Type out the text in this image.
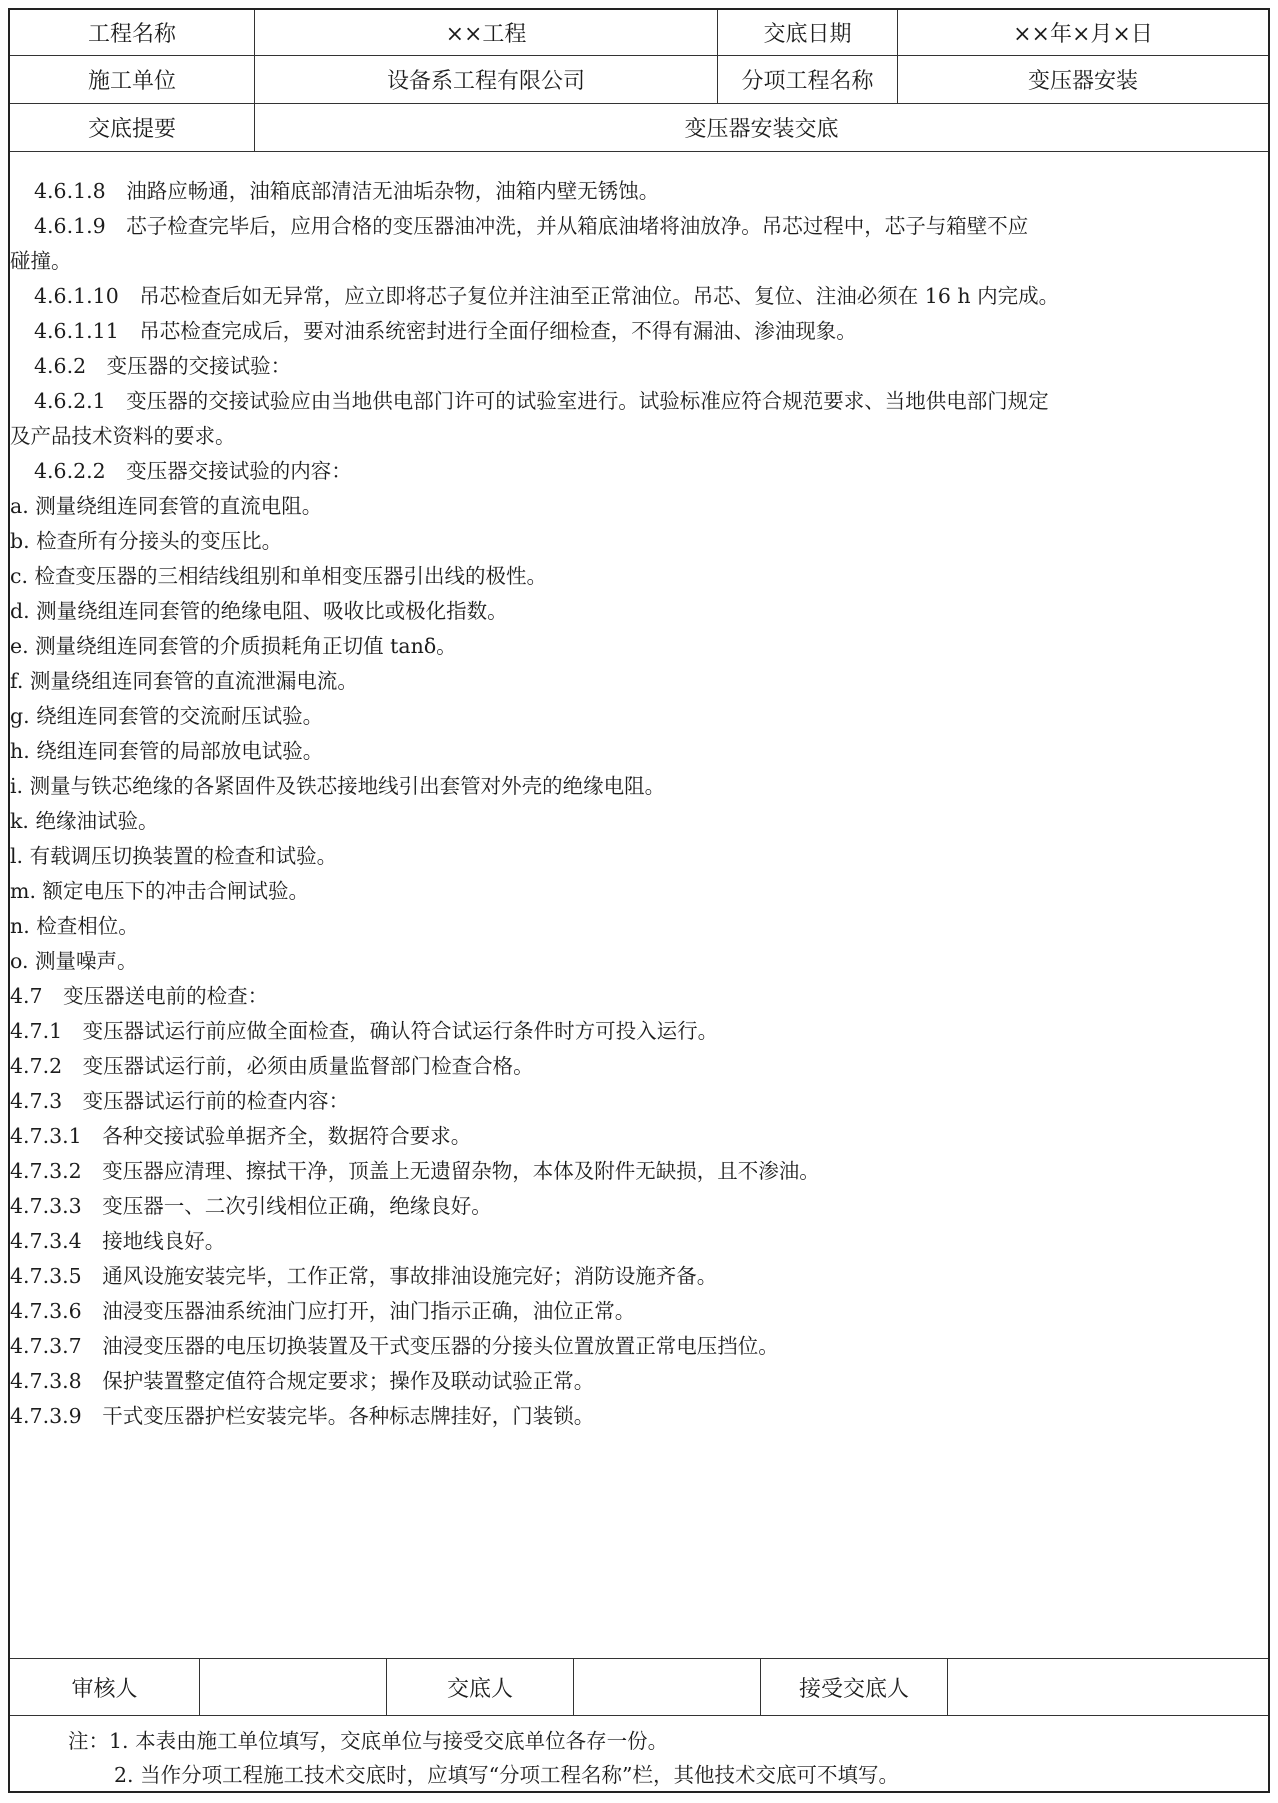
工程名称	××工程	交底日期	××年×月×日
施工单位	设备系工程有限公司	分项工程名称	变压器安装
交底提要	变压器安装交底
4.6.1.8　油路应畅通，油箱底部清洁无油垢杂物，油箱内壁无锈蚀。
4.6.1.9　芯子检查完毕后，应用合格的变压器油冲洗，并从箱底油堵将油放净。吊芯过程中，芯子与箱壁不应
碰撞。
4.6.1.10　吊芯检查后如无异常，应立即将芯子复位并注油至正常油位。吊芯、复位、注油必须在 16 h 内完成。
4.6.1.11　吊芯检查完成后，要对油系统密封进行全面仔细检查，不得有漏油、渗油现象。
4.6.2　变压器的交接试验：
4.6.2.1　变压器的交接试验应由当地供电部门许可的试验室进行。试验标准应符合规范要求、当地供电部门规定
及产品技术资料的要求。
4.6.2.2　变压器交接试验的内容：
a. 测量绕组连同套管的直流电阻。
b. 检查所有分接头的变压比。
c. 检查变压器的三相结线组别和单相变压器引出线的极性。
d. 测量绕组连同套管的绝缘电阻、吸收比或极化指数。
e. 测量绕组连同套管的介质损耗角正切值 tanδ。
f. 测量绕组连同套管的直流泄漏电流。
g. 绕组连同套管的交流耐压试验。
h. 绕组连同套管的局部放电试验。
i. 测量与铁芯绝缘的各紧固件及铁芯接地线引出套管对外壳的绝缘电阻。
k. 绝缘油试验。
l. 有载调压切换装置的检查和试验。
m. 额定电压下的冲击合闸试验。
n. 检查相位。
o. 测量噪声。
4.7　变压器送电前的检查：
4.7.1　变压器试运行前应做全面检查，确认符合试运行条件时方可投入运行。
4.7.2　变压器试运行前，必须由质量监督部门检查合格。
4.7.3　变压器试运行前的检查内容：
4.7.3.1　各种交接试验单据齐全，数据符合要求。
4.7.3.2　变压器应清理、擦拭干净，顶盖上无遗留杂物，本体及附件无缺损，且不渗油。
4.7.3.3　变压器一、二次引线相位正确，绝缘良好。
4.7.3.4　接地线良好。
4.7.3.5　通风设施安装完毕，工作正常，事故排油设施完好；消防设施齐备。
4.7.3.6　油浸变压器油系统油门应打开，油门指示正确，油位正常。
4.7.3.7　油浸变压器的电压切换装置及干式变压器的分接头位置放置正常电压挡位。
4.7.3.8　保护装置整定值符合规定要求；操作及联动试验正常。
4.7.3.9　干式变压器护栏安装完毕。各种标志牌挂好，门装锁。
审核人	交底人	接受交底人
注：1. 本表由施工单位填写，交底单位与接受交底单位各存一份。
2. 当作分项工程施工技术交底时，应填写“分项工程名称”栏，其他技术交底可不填写。
